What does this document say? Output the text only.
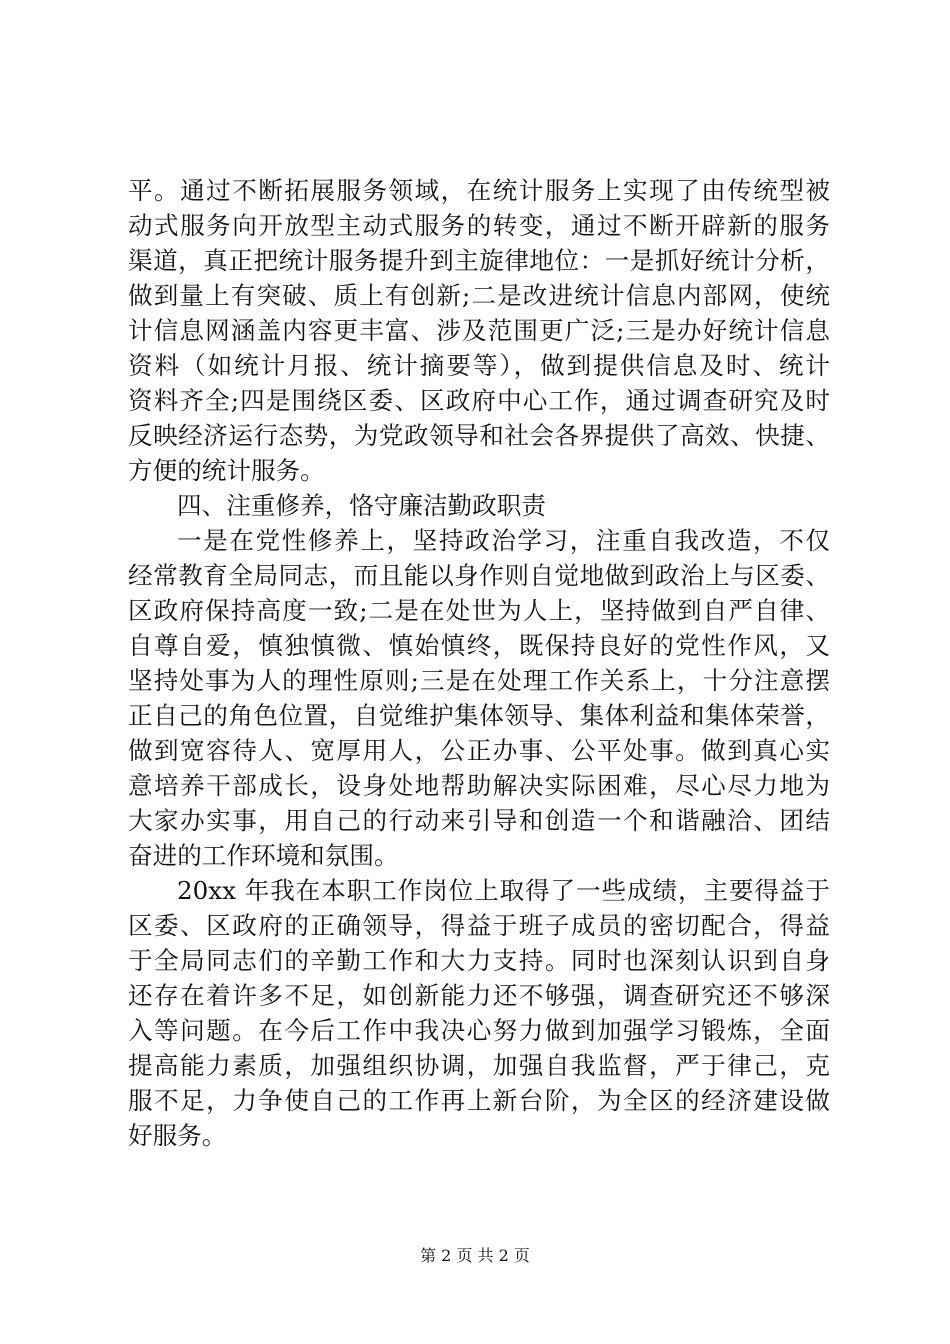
平。通过不断拓展服务领域，在统计服务上实现了由传统型被
动式服务向开放型主动式服务的转变，通过不断开辟新的服务
渠道，真正把统计服务提升到主旋律地位：一是抓好统计分析，
做到量上有突破、质上有创新;二是改进统计信息内部网，使统
计信息网涵盖内容更丰富、涉及范围更广泛;三是办好统计信息
资料（如统计月报、统计摘要等），做到提供信息及时、统计
资料齐全;四是围绕区委、区政府中心工作，通过调查研究及时
反映经济运行态势，为党政领导和社会各界提供了高效、快捷、
方便的统计服务。
四、注重修养，恪守廉洁勤政职责
一是在党性修养上，坚持政治学习，注重自我改造，不仅
经常教育全局同志，而且能以身作则自觉地做到政治上与区委、
区政府保持高度一致;二是在处世为人上，坚持做到自严自律、
自尊自爱，慎独慎微、慎始慎终，既保持良好的党性作风，又
坚持处事为人的理性原则;三是在处理工作关系上，十分注意摆
正自己的角色位置，自觉维护集体领导、集体利益和集体荣誉，
做到宽容待人、宽厚用人，公正办事、公平处事。做到真心实
意培养干部成长，设身处地帮助解决实际困难，尽心尽力地为
大家办实事，用自己的行动来引导和创造一个和谐融洽、团结
奋进的工作环境和氛围。
20xx 年我在本职工作岗位上取得了一些成绩，主要得益于
区委、区政府的正确领导，得益于班子成员的密切配合，得益
于全局同志们的辛勤工作和大力支持。同时也深刻认识到自身
还存在着许多不足，如创新能力还不够强，调查研究还不够深
入等问题。在今后工作中我决心努力做到加强学习锻炼，全面
提高能力素质，加强组织协调，加强自我监督，严于律己，克
服不足，力争使自己的工作再上新台阶，为全区的经济建设做
好服务。
第 2 页 共 2 页
